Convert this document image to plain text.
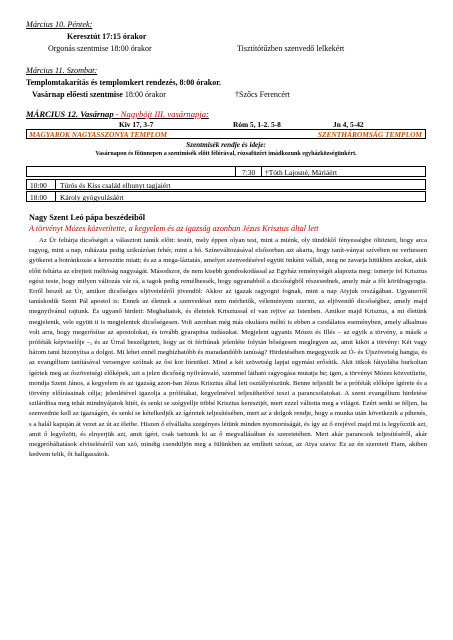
Március 10. Péntek:
Keresztút 17:15 órakor
Orgonás szentmise 18:00 órakor	Tisztítótűzben szenvedő lelkekért
Március 11. Szombat:
Templomtakarítás és templomkert rendezés, 8:00 órakor.
Vasárnap előesti szentmise 18:00 órakor	†Szőcs Ferencért
MÁRCIUS 12. Vasárnap - Nagyböjt III. vasárnapja:
Kiv 17, 3-7	Róm 5, 1-2. 5-8	Jn 4, 5-42
MAGYAROK NAGYASSZONYA TEMPLOM	SZENTHÁROMSÁG TEMPLOM
Szentmisék rendje és ideje:
Vasárnapon és főünnepen a szentmisék előtt félórával, rózsafüzért imádkozunk egyházközségünkért.
7:30 †Tóth Lajosné, Máriáért
10:00 Túrós és Kiss család elhunyt tagjaiért
18:00 Károly gyógyulásáért
Nagy Szent Leó pápa beszédeiből
A törvényt Mózes közvetítette, a kegyelem és az igazság azonban Jézus Krisztus által lett

Az Úr feltárja dicsőségét a választott tanúk előtt: testét, mely éppen olyan test, mint a miénk, oly tündöklő fényességbe öltözteti, hogy arca ragyog, mint a nap, ruházata pedig szikrázóan fehér, mint a hó. Színeváltozásával elsősorban azt akarta, hogy tanít-ványai szívében ne verhessen gyökeret a botránkozás a kereszttie miatt; és az a mega-láztatás, amelyet szenvedésével együtt önként vállalt, meg ne zavarja hitükben azokat, akik előtt feltárta az elrejtett méltóság nagyságát. Másodszor, de nem kisebb gondoskodással az Egyház reménységét alapozta meg: ismerje fel Krisztus egész teste, hogy milyen változás vár rá, a tagok pedig remélhessék, hogy ugyanabból a dicsőségből részesednek, amely már a főt körülragyogta. Erről beszél az Úr, amikor dicsőséges eljöveteléről jövendöl: Akkor az igazak ragyogni fognak, mint a nap Atyjuk országában. Ugyanerről tanúskodik Szent Pál apostol is: Ennek az életnek a szenvedései nem mérhetők, véleményem szerint, az eljövendő dicsőséghez, amely majd megnyilvánul rajtunk. És ugyanő hirdeti: Meghaltatok, és életetek Krisztussal el van rejtve az Istenben. Amikor majd Krisztus, a mi életünk megjelenik, vele együtt ti is megjelentek dicsőségesen. Volt azonban még más okulásra méltó is ebben a csodálatos eseményben, amely alkalmas volt arra, hogy megerősítse az apostolokat, és tovább gyarapítsa tudásukat. Megjelent ugyanis Mózes és Illés – az egyik a törvény, a másik a próféták képviselője –, és az Úrral beszélgetett, hogy az öt férfiúnak jelenléte folytán bőségesen meglegyen az, amit kiköt a törvény: Két vagy három tanú bizonyítsa a dolgot. Mi lehet ennél megbízhatóbb és maradandóbb tanúság? Hirdetésében megegyezik az Ó- és Újszövetség hangja, és az evangélium tanításával versengve szólnak az ősi kor hírnökei. Mind a két szövetség lapjai egymást erősítik. Akit titkok fátyolába burkoltan ígértek meg az őszövetségi előképek, azt a jelen dicsőség nyilvánvaló, szemmel látható ragyogása mutatja be; igen, a törvényt Mózes közvetítette, mondja Szent János, a kegyelem és az igazság azon-ban Jézus Krisztus által lett osztályrészünk. Benne teljesült be a próféták előképe ígérete és a törvény előírásainak célja; jelenlétével igazolja a prófétákat, kegyelmével teljesíthetővé teszi a parancsolatokat. A szent evangélium hirdetése szilárdítsa meg tehát mindnyájatok hitét, és senki se szégyellje többé Krisztus keresztjét, mert ezzel váltotta meg a világot. Ezért senki se féljen, ha szenvednie kell az igazságért, és senki se kételkedjék az ígéretek teljesítésében, mert az a dolgok rendje, hogy a munka után következik a pihenés, s a halál kapuján át vezet az út az életbe. Hiszen ő elvállalta szegényes létünk minden nyomorúságát, és így az ő erejével majd mi is legyőzzük azt, amit ő legyőzött, és elnyerjük azt, amit ígért, csak tartsunk ki az ő megvallásában és szeretetében. Mert akár parancsok teljesítéséről, akár megpróbáltatások elviseléséről van szó, mindig csendüljön meg a fülünkben az említett szózat, az Atya szava: Ez az én szeretett Fiam, akiben kedvem telik, őt hallgassátok.
